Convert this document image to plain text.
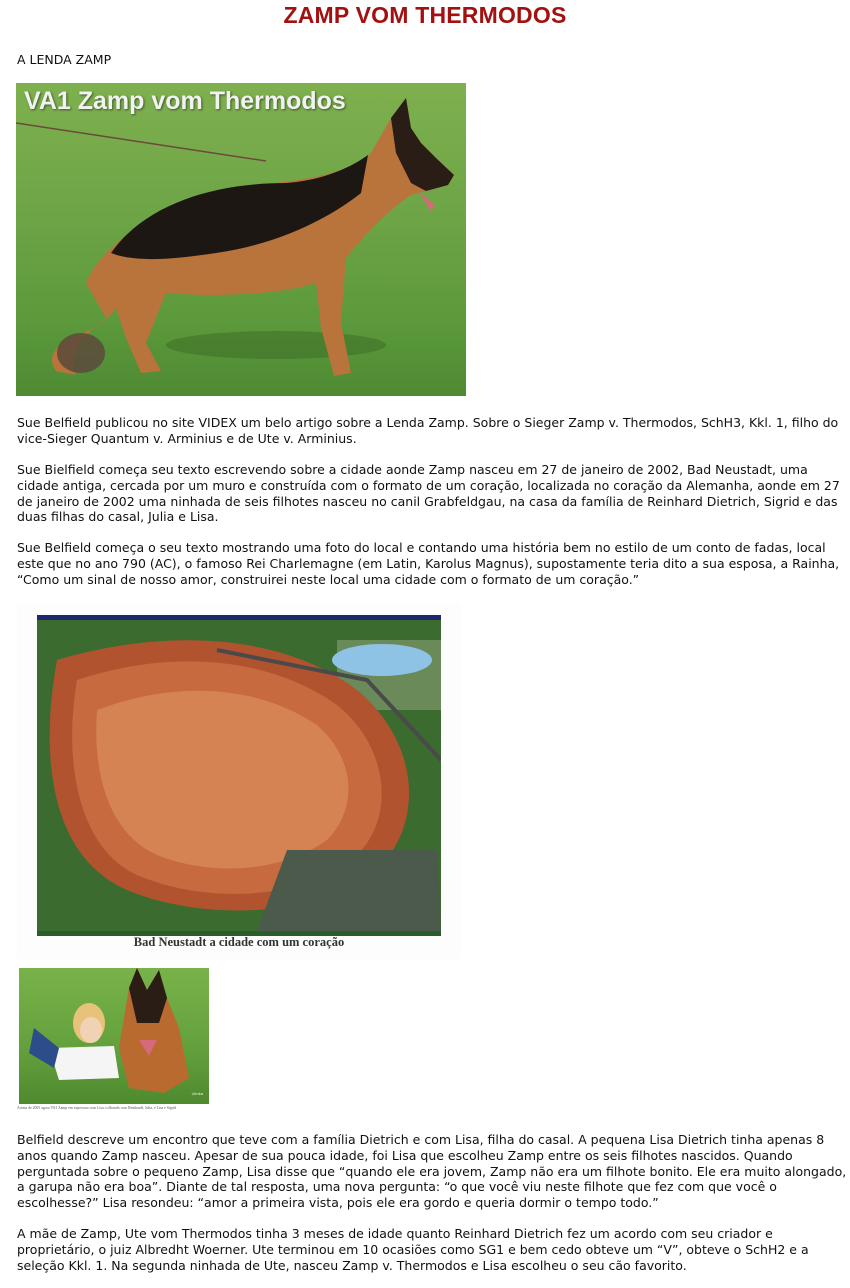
ZAMP VOM THERMODOS
A LENDA ZAMP
VA1 Zamp vom Thermodos

Sue Belfield publicou no site VIDEX um belo artigo sobre a Lenda Zamp. Sobre o Sieger Zamp v. Thermodos, SchH3, Kkl. 1, filho do vice-Sieger Quantum v. Arminius e de Ute v. Arminius.

Sue Bielfield começa seu texto escrevendo sobre a cidade aonde Zamp nasceu em 27 de janeiro de 2002, Bad Neustadt, uma cidade antiga, cercada por um muro e construída com o formato de um coração, localizada no coração da Alemanha, aonde em 27 de janeiro de 2002 uma ninhada de seis filhotes nasceu no canil Grabfeldgau, na casa da família de Reinhard Dietrich, Sigrid e das duas filhas do casal, Julia e Lisa.

Sue Belfield começa o seu texto mostrando uma foto do local e contando uma história bem no estilo de um conto de fadas, local este que no ano 790 (AC), o famoso Rei Charlemagne (em Latin, Karolus Magnus), supostamente teria dito a sua esposa, a Rainha, “Como um sinal de nosso amor, construirei neste local uma cidade com o formato de um coração.”

Bad Neustadt a cidade com um coração
Ulmka
Acima de 2005 agora VA1 Zamp em expressao com Lisa o olhando com Reinhardt, Julia, e Lisa e Sigrid

Belfield descreve um encontro que teve com a família Dietrich e com Lisa, filha do casal. A pequena Lisa Dietrich tinha apenas 8 anos quando Zamp nasceu. Apesar de sua pouca idade, foi Lisa que escolheu Zamp entre os seis filhotes nascidos. Quando perguntada sobre o pequeno Zamp, Lisa disse que “quando ele era jovem, Zamp não era um filhote bonito. Ele era muito alongado, a garupa não era boa”. Diante de tal resposta, uma nova pergunta: “o que você viu neste filhote que fez com que você o escolhesse?” Lisa resondeu: “amor a primeira vista, pois ele era gordo e queria dormir o tempo todo.”

A mãe de Zamp, Ute vom Thermodos tinha 3 meses de idade quanto Reinhard Dietrich fez um acordo com seu criador e proprietário, o juiz Albredht Woerner. Ute terminou em 10 ocasiões como SG1 e bem cedo obteve um “V”, obteve o SchH2 e a seleção Kkl. 1. Na segunda ninhada de Ute, nasceu Zamp v. Thermodos e Lisa escolheu o seu cão favorito.
